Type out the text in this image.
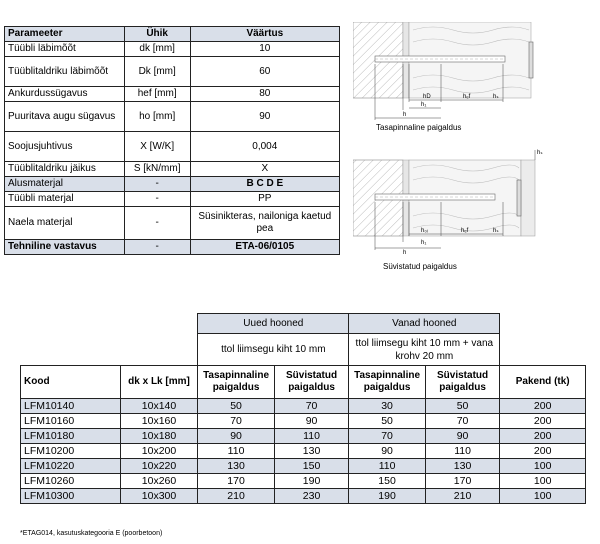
Parameeter	Ühik	Väärtus
Tüübli läbimõõt	dk [mm]	10
Tüüblitaldriku läbimõõt	Dk [mm]	60
Ankurdussügavus	hef [mm]	80
Puuritava augu sügavus	ho [mm]	90
Soojusjuhtivus	X [W/K]	0,004
Tüüblitaldriku jäikus	S [kN/mm]	X
Alusmaterjal	-	B C D E
Tüübli materjal	-	PP
Naela materjal	-	Süsinikteras, nailoniga kaetud pea
Tehniline vastavus	-	ETA-06/0105
hD	hₑf	hₛ
h₁
h
Tasapinnaline paigaldus
hₛ
h₀ᵢ	hₑf	hₛ
h₁
h
Süvistatud paigaldus
		Uued hooned		Vanad hooned		
		ttol liimsegu kiht 10 mm		ttol liimsegu kiht 10 mm + vana krohv 20 mm		
Kood	dk x Lk [mm]	Tasapinnaline paigaldus	Süvistatud paigaldus	Tasapinnaline paigaldus	Süvistatud paigaldus	Pakend (tk)
LFM10140	10x140	50	70	30	50	200
LFM10160	10x160	70	90	50	70	200
LFM10180	10x180	90	110	70	90	200
LFM10200	10x200	110	130	90	110	200
LFM10220	10x220	130	150	110	130	100
LFM10260	10x260	170	190	150	170	100
LFM10300	10x300	210	230	190	210	100
*ETAG014, kasutuskategooria E (poorbetoon)
